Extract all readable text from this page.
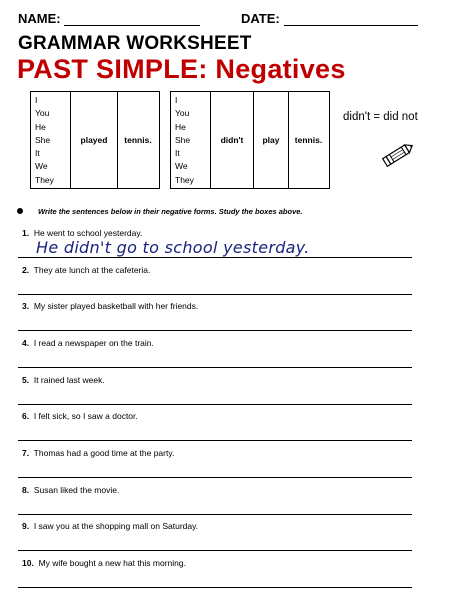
NAME:	DATE:
GRAMMAR WORKSHEET
PAST SIMPLE: Negatives
I
You
He
She
It
We
They
played tennis.
I
You
He
She
It
We
They
didn't play tennis.
didn't = did not
Write the sentences below in their negative forms. Study the boxes above.
1. He went to school yesterday.
He didn't go to school yesterday.
2. They ate lunch at the cafeteria.
3. My sister played basketball with her friends.
4. I read a newspaper on the train.
5. It rained last week.
6. I felt sick, so I saw a doctor.
7. Thomas had a good time at the party.
8. Susan liked the movie.
9. I saw you at the shopping mall on Saturday.
10. My wife bought a new hat this morning.
